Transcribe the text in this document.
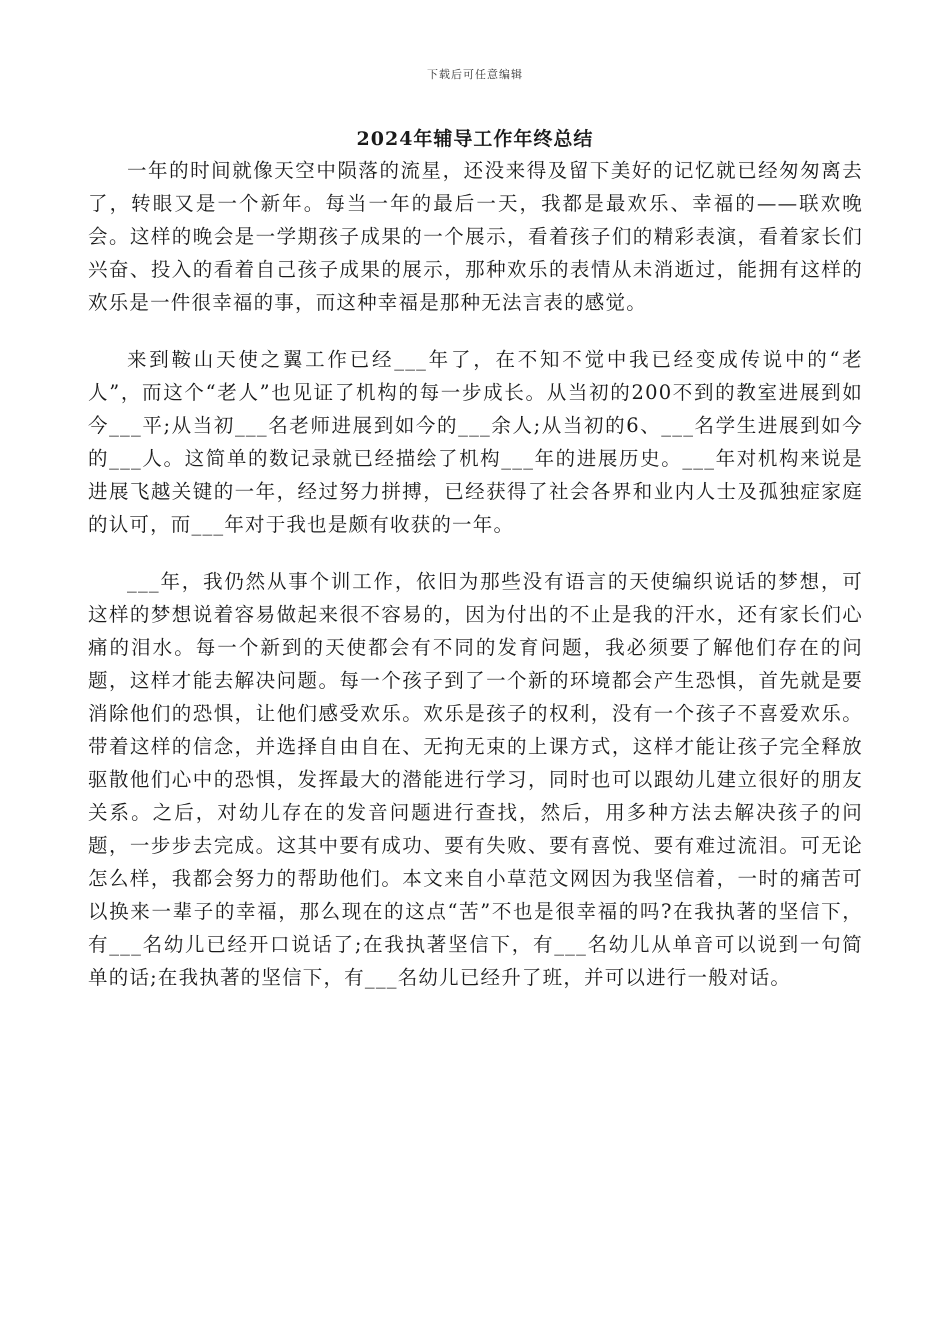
下载后可任意编辑
2024年辅导工作年终总结

一年的时间就像天空中陨落的流星，还没来得及留下美好的记忆就已经匆匆离去了，转眼又是一个新年。每当一年的最后一天，我都是最欢乐、幸福的——联欢晚会。这样的晚会是一学期孩子成果的一个展示，看着孩子们的精彩表演，看着家长们兴奋、投入的看着自己孩子成果的展示，那种欢乐的表情从未消逝过，能拥有这样的欢乐是一件很幸福的事，而这种幸福是那种无法言表的感觉。

来到鞍山天使之翼工作已经___年了，在不知不觉中我已经变成传说中的“老人”，而这个“老人”也见证了机构的每一步成长。从当初的200不到的教室进展到如今___平;从当初___名老师进展到如今的___余人;从当初的6、___名学生进展到如今的___人。这简单的数记录就已经描绘了机构___年的进展历史。___年对机构来说是进展飞越关键的一年，经过努力拼搏，已经获得了社会各界和业内人士及孤独症家庭的认可，而___年对于我也是颇有收获的一年。

___年，我仍然从事个训工作，依旧为那些没有语言的天使编织说话的梦想，可这样的梦想说着容易做起来很不容易的，因为付出的不止是我的汗水，还有家长们心痛的泪水。每一个新到的天使都会有不同的发育问题，我必须要了解他们存在的问题，这样才能去解决问题。每一个孩子到了一个新的环境都会产生恐惧，首先就是要消除他们的恐惧，让他们感受欢乐。欢乐是孩子的权利，没有一个孩子不喜爱欢乐。带着这样的信念，并选择自由自在、无拘无束的上课方式，这样才能让孩子完全释放驱散他们心中的恐惧，发挥最大的潜能进行学习，同时也可以跟幼儿建立很好的朋友关系。之后，对幼儿存在的发音问题进行查找，然后，用多种方法去解决孩子的问题，一步步去完成。这其中要有成功、要有失败、要有喜悦、要有难过流泪。可无论怎么样，我都会努力的帮助他们。本文来自小草范文网因为我坚信着，一时的痛苦可以换来一辈子的幸福，那么现在的这点“苦”不也是很幸福的吗?在我执著的坚信下，有___名幼儿已经开口说话了;在我执著坚信下，有___名幼儿从单音可以说到一句简单的话;在我执著的坚信下，有___名幼儿已经升了班，并可以进行一般对话。
